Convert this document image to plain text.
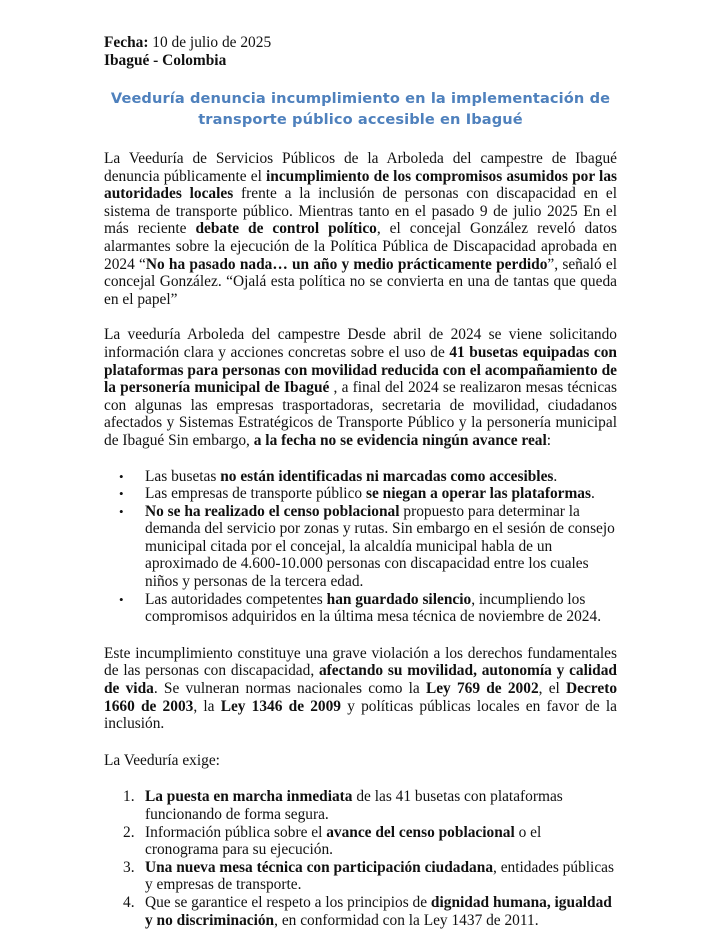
Fecha: 10 de julio de 2025

Ibagué - Colombia

Veeduría denuncia incumplimiento en la implementación de
transporte público accesible en Ibagué

La Veeduría de Servicios Públicos de la Arboleda del campestre de Ibagué denuncia públicamente el incumplimiento de los compromisos asumidos por las autoridades locales frente a la inclusión de personas con discapacidad en el sistema de transporte público. Mientras tanto en el pasado 9 de julio 2025 En el más reciente debate de control político, el concejal González reveló datos alarmantes sobre la ejecución de la Política Pública de Discapacidad aprobada en 2024 “No ha pasado nada… un año y medio prácticamente perdido”, señaló el concejal González. “Ojalá esta política no se convierta en una de tantas que queda en el papel”

La veeduría Arboleda del campestre Desde abril de 2024 se viene solicitando información clara y acciones concretas sobre el uso de 41 busetas equipadas con plataformas para personas con movilidad reducida con el acompañamiento de la personería municipal de Ibagué , a final del 2024 se realizaron mesas técnicas con algunas las empresas trasportadoras, secretaria de movilidad, ciudadanos afectados y Sistemas Estratégicos de Transporte Público y la personería municipal de Ibagué Sin embargo, a la fecha no se evidencia ningún avance real:

• Las busetas no están identificadas ni marcadas como accesibles.
• Las empresas de transporte público se niegan a operar las plataformas.
• No se ha realizado el censo poblacional propuesto para determinar la demanda del servicio por zonas y rutas. Sin embargo en el sesión de consejo municipal citada por el concejal, la alcaldía municipal habla de un aproximado de 4.600-10.000 personas con discapacidad entre los cuales niños y personas de la tercera edad.
• Las autoridades competentes han guardado silencio, incumpliendo los compromisos adquiridos en la última mesa técnica de noviembre de 2024.

Este incumplimiento constituye una grave violación a los derechos fundamentales de las personas con discapacidad, afectando su movilidad, autonomía y calidad de vida. Se vulneran normas nacionales como la Ley 769 de 2002, el Decreto 1660 de 2003, la Ley 1346 de 2009 y políticas públicas locales en favor de la inclusión.

La Veeduría exige:

1. La puesta en marcha inmediata de las 41 busetas con plataformas funcionando de forma segura.
2. Información pública sobre el avance del censo poblacional o el cronograma para su ejecución.
3. Una nueva mesa técnica con participación ciudadana, entidades públicas y empresas de transporte.
4. Que se garantice el respeto a los principios de dignidad humana, igualdad y no discriminación, en conformidad con la Ley 1437 de 2011.
